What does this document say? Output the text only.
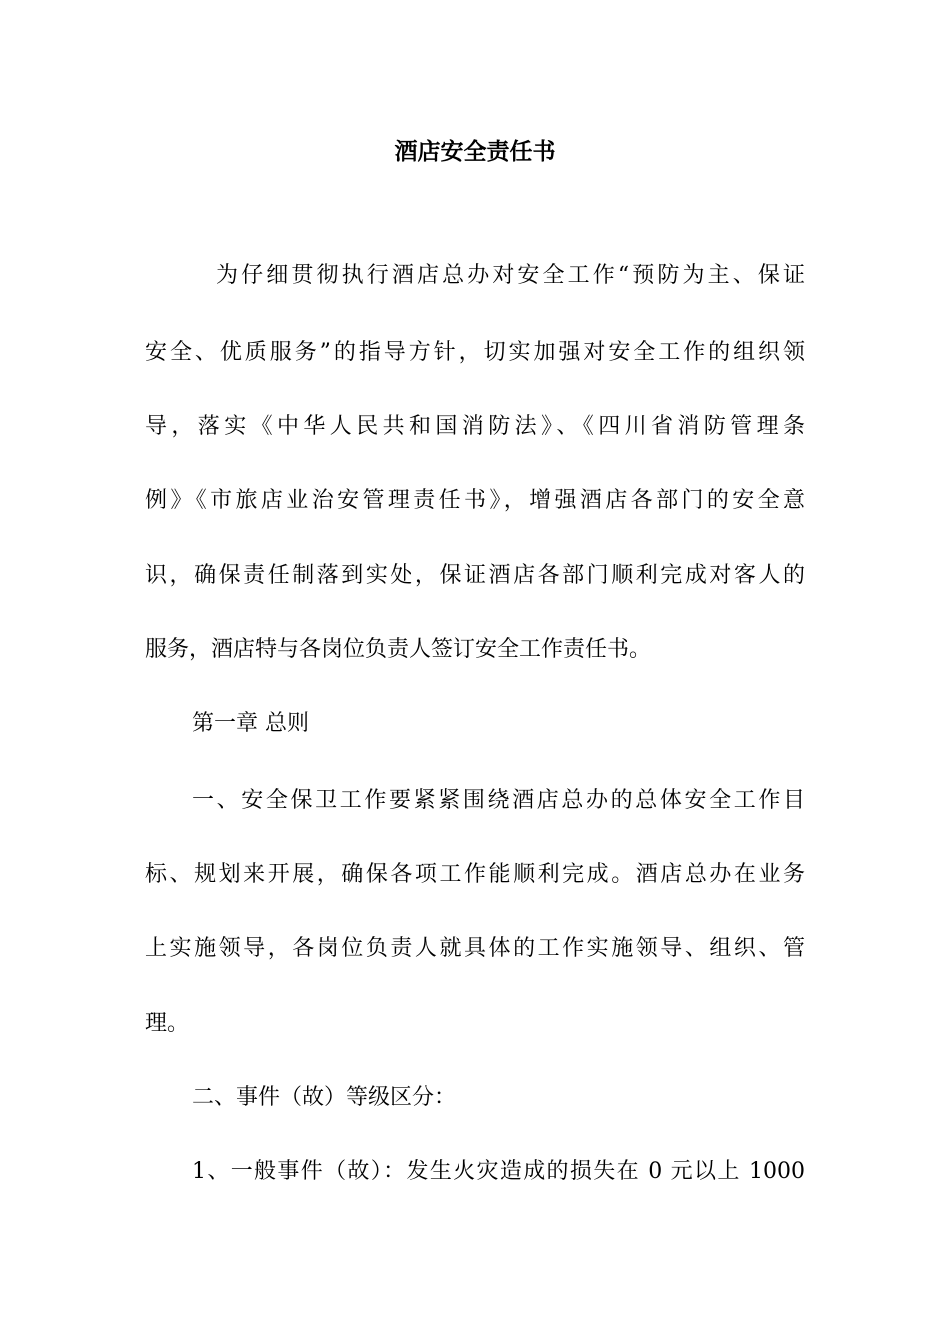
酒店安全责任书
为仔细贯彻执行酒店总办对安全工作“预防为主、保证
安全、优质服务”的指导方针，切实加强对安全工作的组织领
导，落实《中华人民共和国消防法》、《四川省消防管理条
例》《市旅店业治安管理责任书》，增强酒店各部门的安全意
识，确保责任制落到实处，保证酒店各部门顺利完成对客人的
服务，酒店特与各岗位负责人签订安全工作责任书。
第一章 总则
一、安全保卫工作要紧紧围绕酒店总办的总体安全工作目
标、规划来开展，确保各项工作能顺利完成。酒店总办在业务
上实施领导，各岗位负责人就具体的工作实施领导、组织、管
理。
二、事件（故）等级区分：
1、一般事件（故）：发生火灾造成的损失在 0 元以上 1000
